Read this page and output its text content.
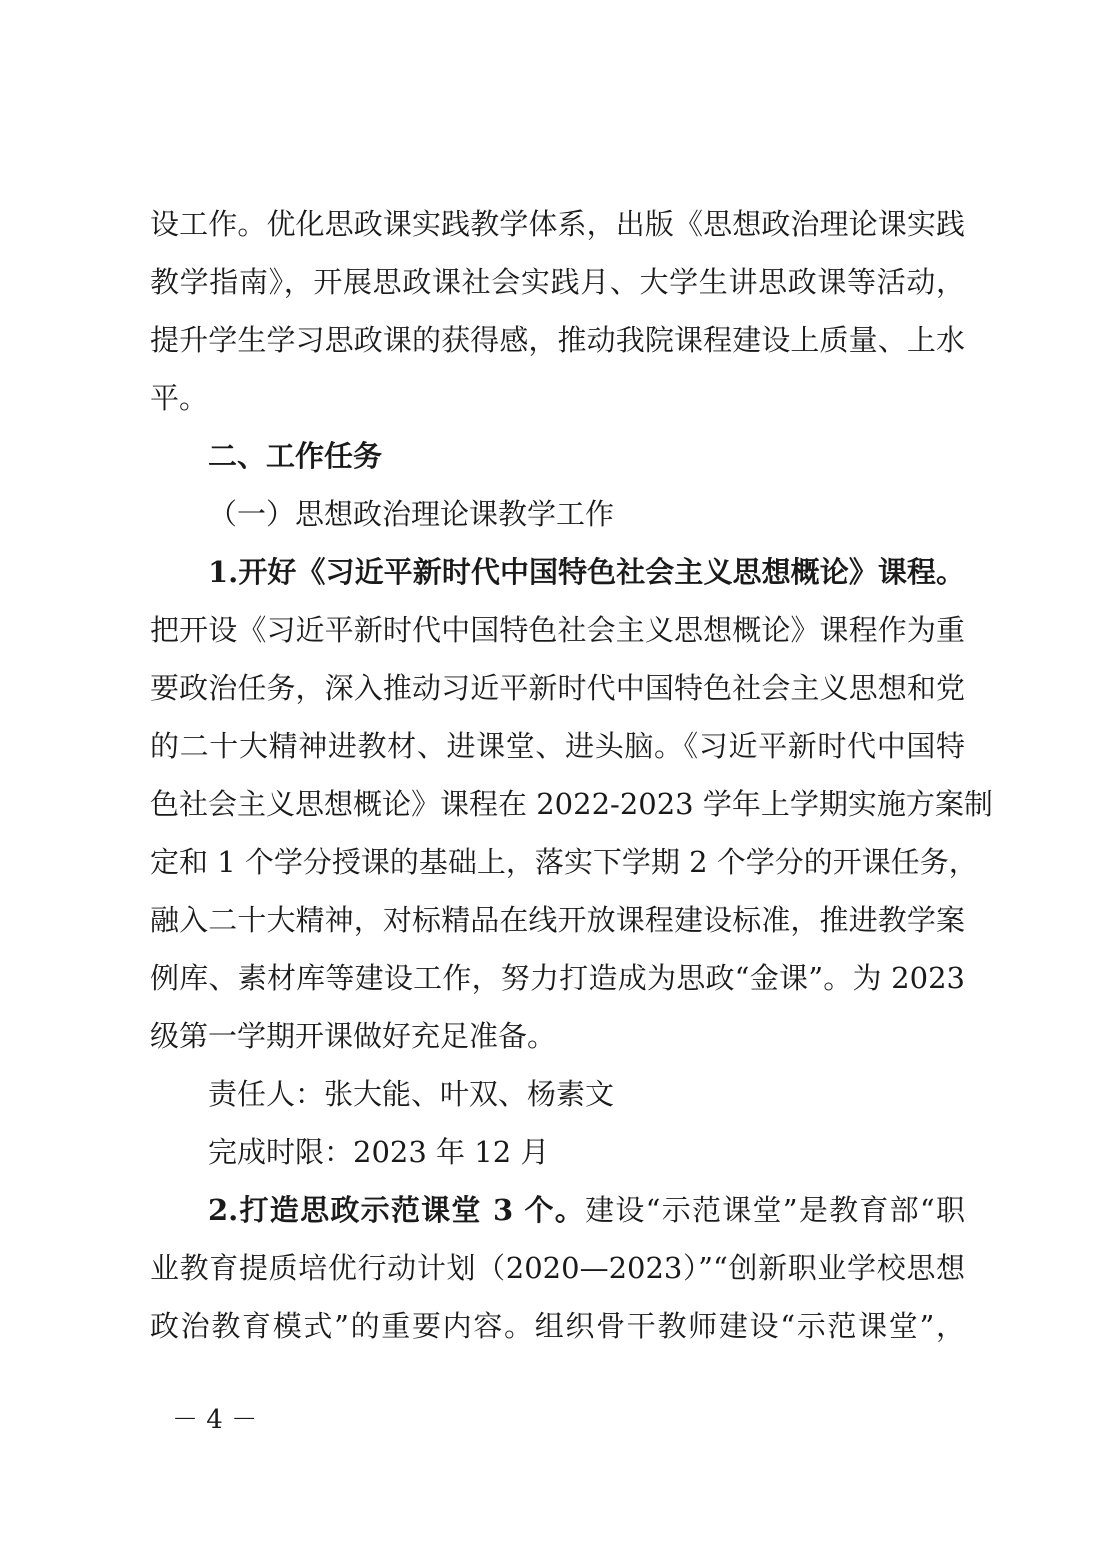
设工作。优化思政课实践教学体系，出版《思想政治理论课实践
教学指南》，开展思政课社会实践月、大学生讲思政课等活动，
提升学生学习思政课的获得感，推动我院课程建设上质量、上水
平。
二、工作任务
（一）思想政治理论课教学工作
1.开好《习近平新时代中国特色社会主义思想概论》课程。
把开设《习近平新时代中国特色社会主义思想概论》课程作为重
要政治任务，深入推动习近平新时代中国特色社会主义思想和党
的二十大精神进教材、进课堂、进头脑。《习近平新时代中国特
色社会主义思想概论》课程在 2022-2023 学年上学期实施方案制
定和 1 个学分授课的基础上，落实下学期 2 个学分的开课任务，
融入二十大精神，对标精品在线开放课程建设标准，推进教学案
例库、素材库等建设工作，努力打造成为思政“金课”。为 2023
级第一学期开课做好充足准备。
责任人：张大能、叶双、杨素文
完成时限：2023 年 12 月
2.打造思政示范课堂 3 个。建设“示范课堂”是教育部“职
业教育提质培优行动计划（2020—2023）”“创新职业学校思想
政治教育模式”的重要内容。组织骨干教师建设“示范课堂”，
－ 4 －
